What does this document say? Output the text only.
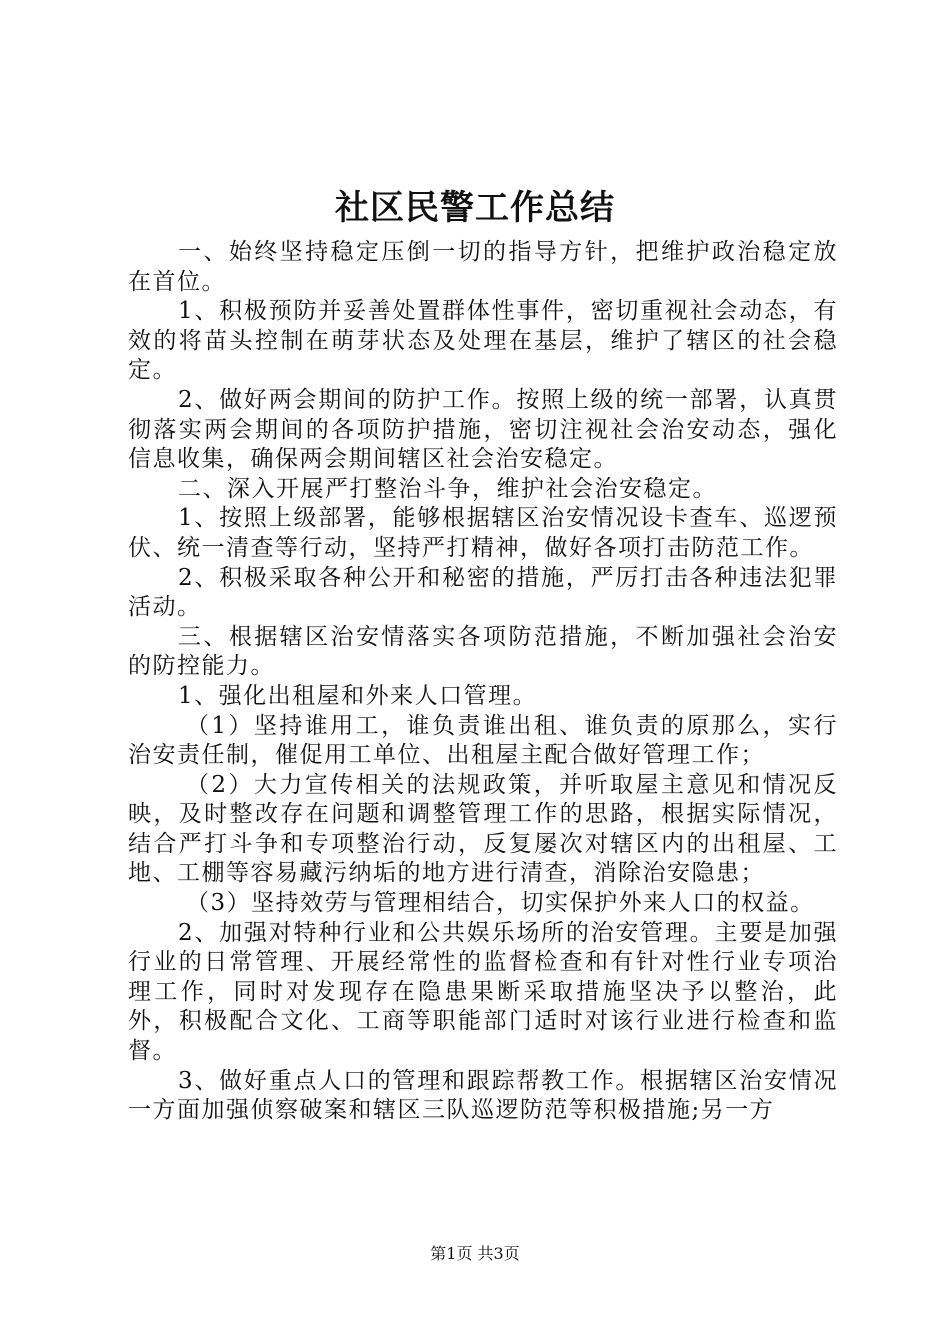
社区民警工作总结

一、始终坚持稳定压倒一切的指导方针，把维护政治稳定放在首位。

1、积极预防并妥善处置群体性事件，密切重视社会动态，有效的将苗头控制在萌芽状态及处理在基层，维护了辖区的社会稳定。

2、做好两会期间的防护工作。按照上级的统一部署，认真贯彻落实两会期间的各项防护措施，密切注视社会治安动态，强化信息收集，确保两会期间辖区社会治安稳定。

二、深入开展严打整治斗争，维护社会治安稳定。

1、按照上级部署，能够根据辖区治安情况设卡查车、巡逻预伏、统一清查等行动，坚持严打精神，做好各项打击防范工作。

2、积极采取各种公开和秘密的措施，严厉打击各种违法犯罪活动。

三、根据辖区治安情落实各项防范措施，不断加强社会治安的防控能力。

1、强化出租屋和外来人口管理。

（1）坚持谁用工，谁负责谁出租、谁负责的原那么，实行治安责任制，催促用工单位、出租屋主配合做好管理工作；

（2）大力宣传相关的法规政策，并听取屋主意见和情况反映，及时整改存在问题和调整管理工作的思路，根据实际情况，结合严打斗争和专项整治行动，反复屡次对辖区内的出租屋、工地、工棚等容易藏污纳垢的地方进行清查，消除治安隐患；

（3）坚持效劳与管理相结合，切实保护外来人口的权益。

2、加强对特种行业和公共娱乐场所的治安管理。主要是加强行业的日常管理、开展经常性的监督检查和有针对性行业专项治理工作，同时对发现存在隐患果断采取措施坚决予以整治，此外，积极配合文化、工商等职能部门适时对该行业进行检查和监督。

3、做好重点人口的管理和跟踪帮教工作。根据辖区治安情况一方面加强侦察破案和辖区三队巡逻防范等积极措施;另一方

第1页 共3页
